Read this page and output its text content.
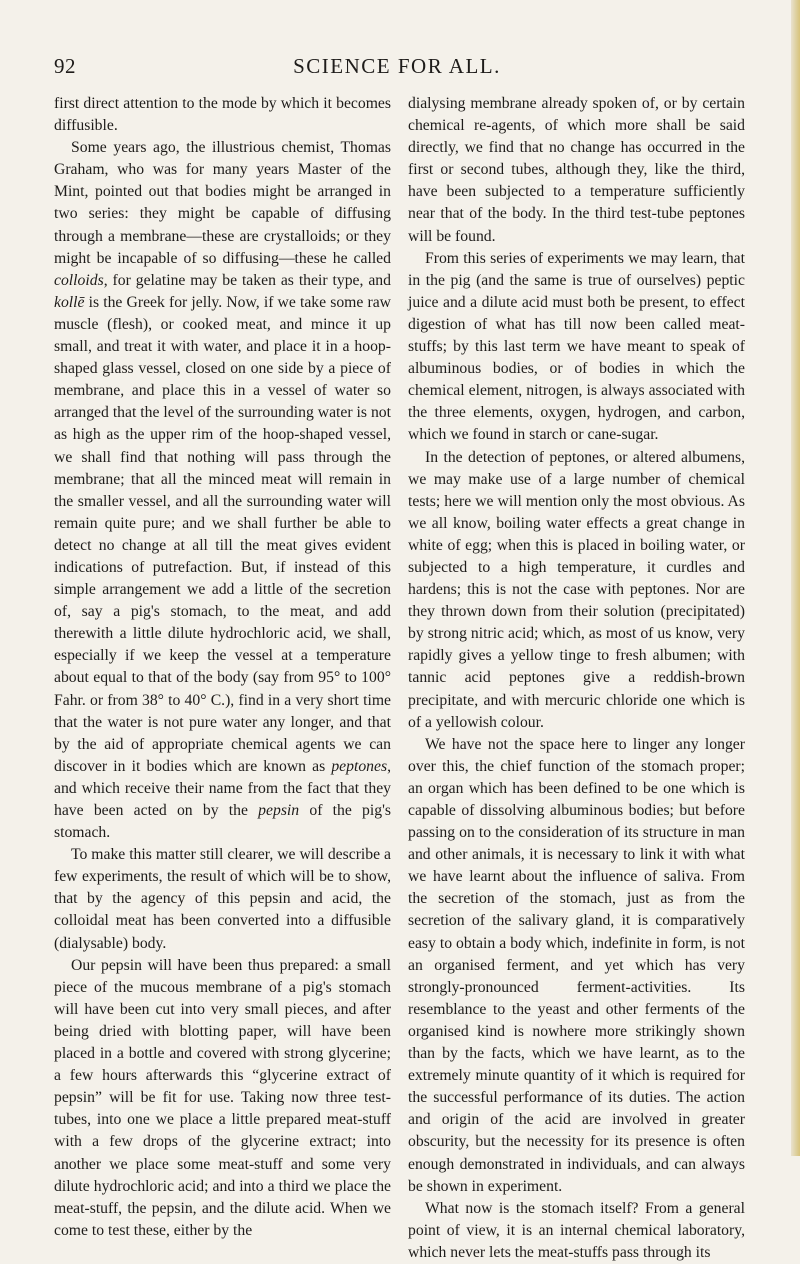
92	SCIENCE FOR ALL.

first direct attention to the mode by which it becomes diffusible.

Some years ago, the illustrious chemist, Thomas Graham, who was for many years Master of the Mint, pointed out that bodies might be arranged in two series: they might be capable of diffusing through a membrane—these are crystalloids; or they might be incapable of so diffusing—these he called colloids, for gelatine may be taken as their type, and kollē is the Greek for jelly. Now, if we take some raw muscle (flesh), or cooked meat, and mince it up small, and treat it with water, and place it in a hoop-shaped glass vessel, closed on one side by a piece of membrane, and place this in a vessel of water so arranged that the level of the surrounding water is not as high as the upper rim of the hoop-shaped vessel, we shall find that nothing will pass through the membrane; that all the minced meat will remain in the smaller vessel, and all the surrounding water will remain quite pure; and we shall further be able to detect no change at all till the meat gives evident indications of putrefaction. But, if instead of this simple arrangement we add a little of the secretion of, say a pig's stomach, to the meat, and add therewith a little dilute hydrochloric acid, we shall, especially if we keep the vessel at a temperature about equal to that of the body (say from 95° to 100° Fahr. or from 38° to 40° C.), find in a very short time that the water is not pure water any longer, and that by the aid of appropriate chemical agents we can discover in it bodies which are known as peptones, and which receive their name from the fact that they have been acted on by the pepsin of the pig's stomach.

To make this matter still clearer, we will describe a few experiments, the result of which will be to show, that by the agency of this pepsin and acid, the colloidal meat has been converted into a diffusible (dialysable) body.

Our pepsin will have been thus prepared: a small piece of the mucous membrane of a pig's stomach will have been cut into very small pieces, and after being dried with blotting paper, will have been placed in a bottle and covered with strong glycerine; a few hours afterwards this “glycerine extract of pepsin” will be fit for use. Taking now three test-tubes, into one we place a little prepared meat-stuff with a few drops of the glycerine extract; into another we place some meat-stuff and some very dilute hydrochloric acid; and into a third we place the meat-stuff, the pepsin, and the dilute acid. When we come to test these, either by the

dialysing membrane already spoken of, or by certain chemical re-agents, of which more shall be said directly, we find that no change has occurred in the first or second tubes, although they, like the third, have been subjected to a temperature sufficiently near that of the body. In the third test-tube peptones will be found.

From this series of experiments we may learn, that in the pig (and the same is true of ourselves) peptic juice and a dilute acid must both be present, to effect digestion of what has till now been called meat-stuffs; by this last term we have meant to speak of albuminous bodies, or of bodies in which the chemical element, nitrogen, is always associated with the three elements, oxygen, hydrogen, and carbon, which we found in starch or cane-sugar.

In the detection of peptones, or altered albumens, we may make use of a large number of chemical tests; here we will mention only the most obvious. As we all know, boiling water effects a great change in white of egg; when this is placed in boiling water, or subjected to a high temperature, it curdles and hardens; this is not the case with peptones. Nor are they thrown down from their solution (precipitated) by strong nitric acid; which, as most of us know, very rapidly gives a yellow tinge to fresh albumen; with tannic acid peptones give a reddish-brown precipitate, and with mercuric chloride one which is of a yellowish colour.

We have not the space here to linger any longer over this, the chief function of the stomach proper; an organ which has been defined to be one which is capable of dissolving albuminous bodies; but before passing on to the consideration of its structure in man and other animals, it is necessary to link it with what we have learnt about the influence of saliva. From the secretion of the stomach, just as from the secretion of the salivary gland, it is comparatively easy to obtain a body which, indefinite in form, is not an organised ferment, and yet which has very strongly-pronounced ferment-activities. Its resemblance to the yeast and other ferments of the organised kind is nowhere more strikingly shown than by the facts, which we have learnt, as to the extremely minute quantity of it which is required for the successful performance of its duties. The action and origin of the acid are involved in greater obscurity, but the necessity for its presence is often enough demonstrated in individuals, and can always be shown in experiment.

What now is the stomach itself? From a general point of view, it is an internal chemical laboratory, which never lets the meat-stuffs pass through its
